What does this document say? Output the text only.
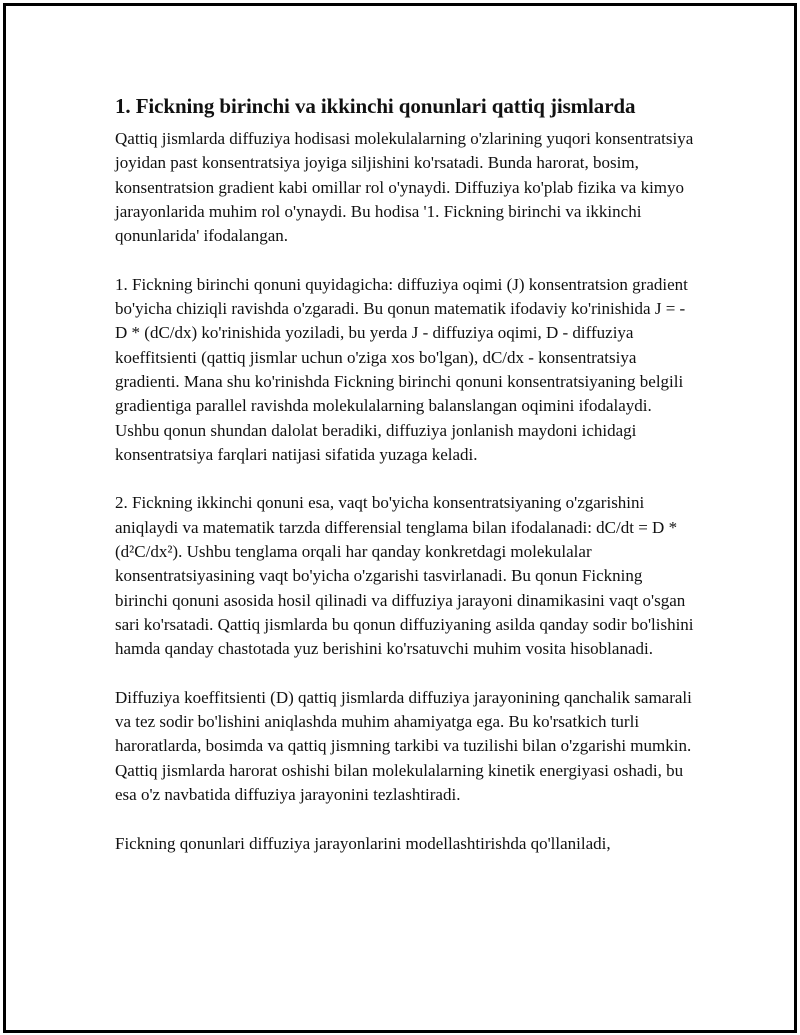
1. Fickning birinchi va ikkinchi qonunlari qattiq jismlarda

Qattiq jismlarda diffuziya hodisasi molekulalarning o'zlarining yuqori konsentratsiya joyidan past konsentratsiya joyiga siljishini ko'rsatadi. Bunda harorat, bosim, konsentratsion gradient kabi omillar rol o'ynaydi. Diffuziya ko'plab fizika va kimyo jarayonlarida muhim rol o'ynaydi. Bu hodisa '1. Fickning birinchi va ikkinchi qonunlarida' ifodalangan.

1. Fickning birinchi qonuni quyidagicha: diffuziya oqimi (J) konsentratsion gradient bo'yicha chiziqli ravishda o'zgaradi. Bu qonun matematik ifodaviy ko'rinishida J = -D * (dC/dx) ko'rinishida yoziladi, bu yerda J - diffuziya oqimi, D - diffuziya koeffitsienti (qattiq jismlar uchun o'ziga xos bo'lgan), dC/dx - konsentratsiya gradienti. Mana shu ko'rinishda Fickning birinchi qonuni konsentratsiyaning belgili gradientiga parallel ravishda molekulalarning balanslangan oqimini ifodalaydi. Ushbu qonun shundan dalolat beradiki, diffuziya jonlanish maydoni ichidagi konsentratsiya farqlari natijasi sifatida yuzaga keladi.

2. Fickning ikkinchi qonuni esa, vaqt bo'yicha konsentratsiyaning o'zgarishini aniqlaydi va matematik tarzda differensial tenglama bilan ifodalanadi: dC/dt = D * (d²C/dx²). Ushbu tenglama orqali har qanday konkretdagi molekulalar konsentratsiyasining vaqt bo'yicha o'zgarishi tasvirlanadi. Bu qonun Fickning birinchi qonuni asosida hosil qilinadi va diffuziya jarayoni dinamikasini vaqt o'sgan sari ko'rsatadi. Qattiq jismlarda bu qonun diffuziyaning asilda qanday sodir bo'lishini hamda qanday chastotada yuz berishini ko'rsatuvchi muhim vosita hisoblanadi.

Diffuziya koeffitsienti (D) qattiq jismlarda diffuziya jarayonining qanchalik samarali va tez sodir bo'lishini aniqlashda muhim ahamiyatga ega. Bu ko'rsatkich turli haroratlarda, bosimda va qattiq jismning tarkibi va tuzilishi bilan o'zgarishi mumkin. Qattiq jismlarda harorat oshishi bilan molekulalarning kinetik energiyasi oshadi, bu esa o'z navbatida diffuziya jarayonini tezlashtiradi.

Fickning qonunlari diffuziya jarayonlarini modellashtirishda qo'llaniladi,
